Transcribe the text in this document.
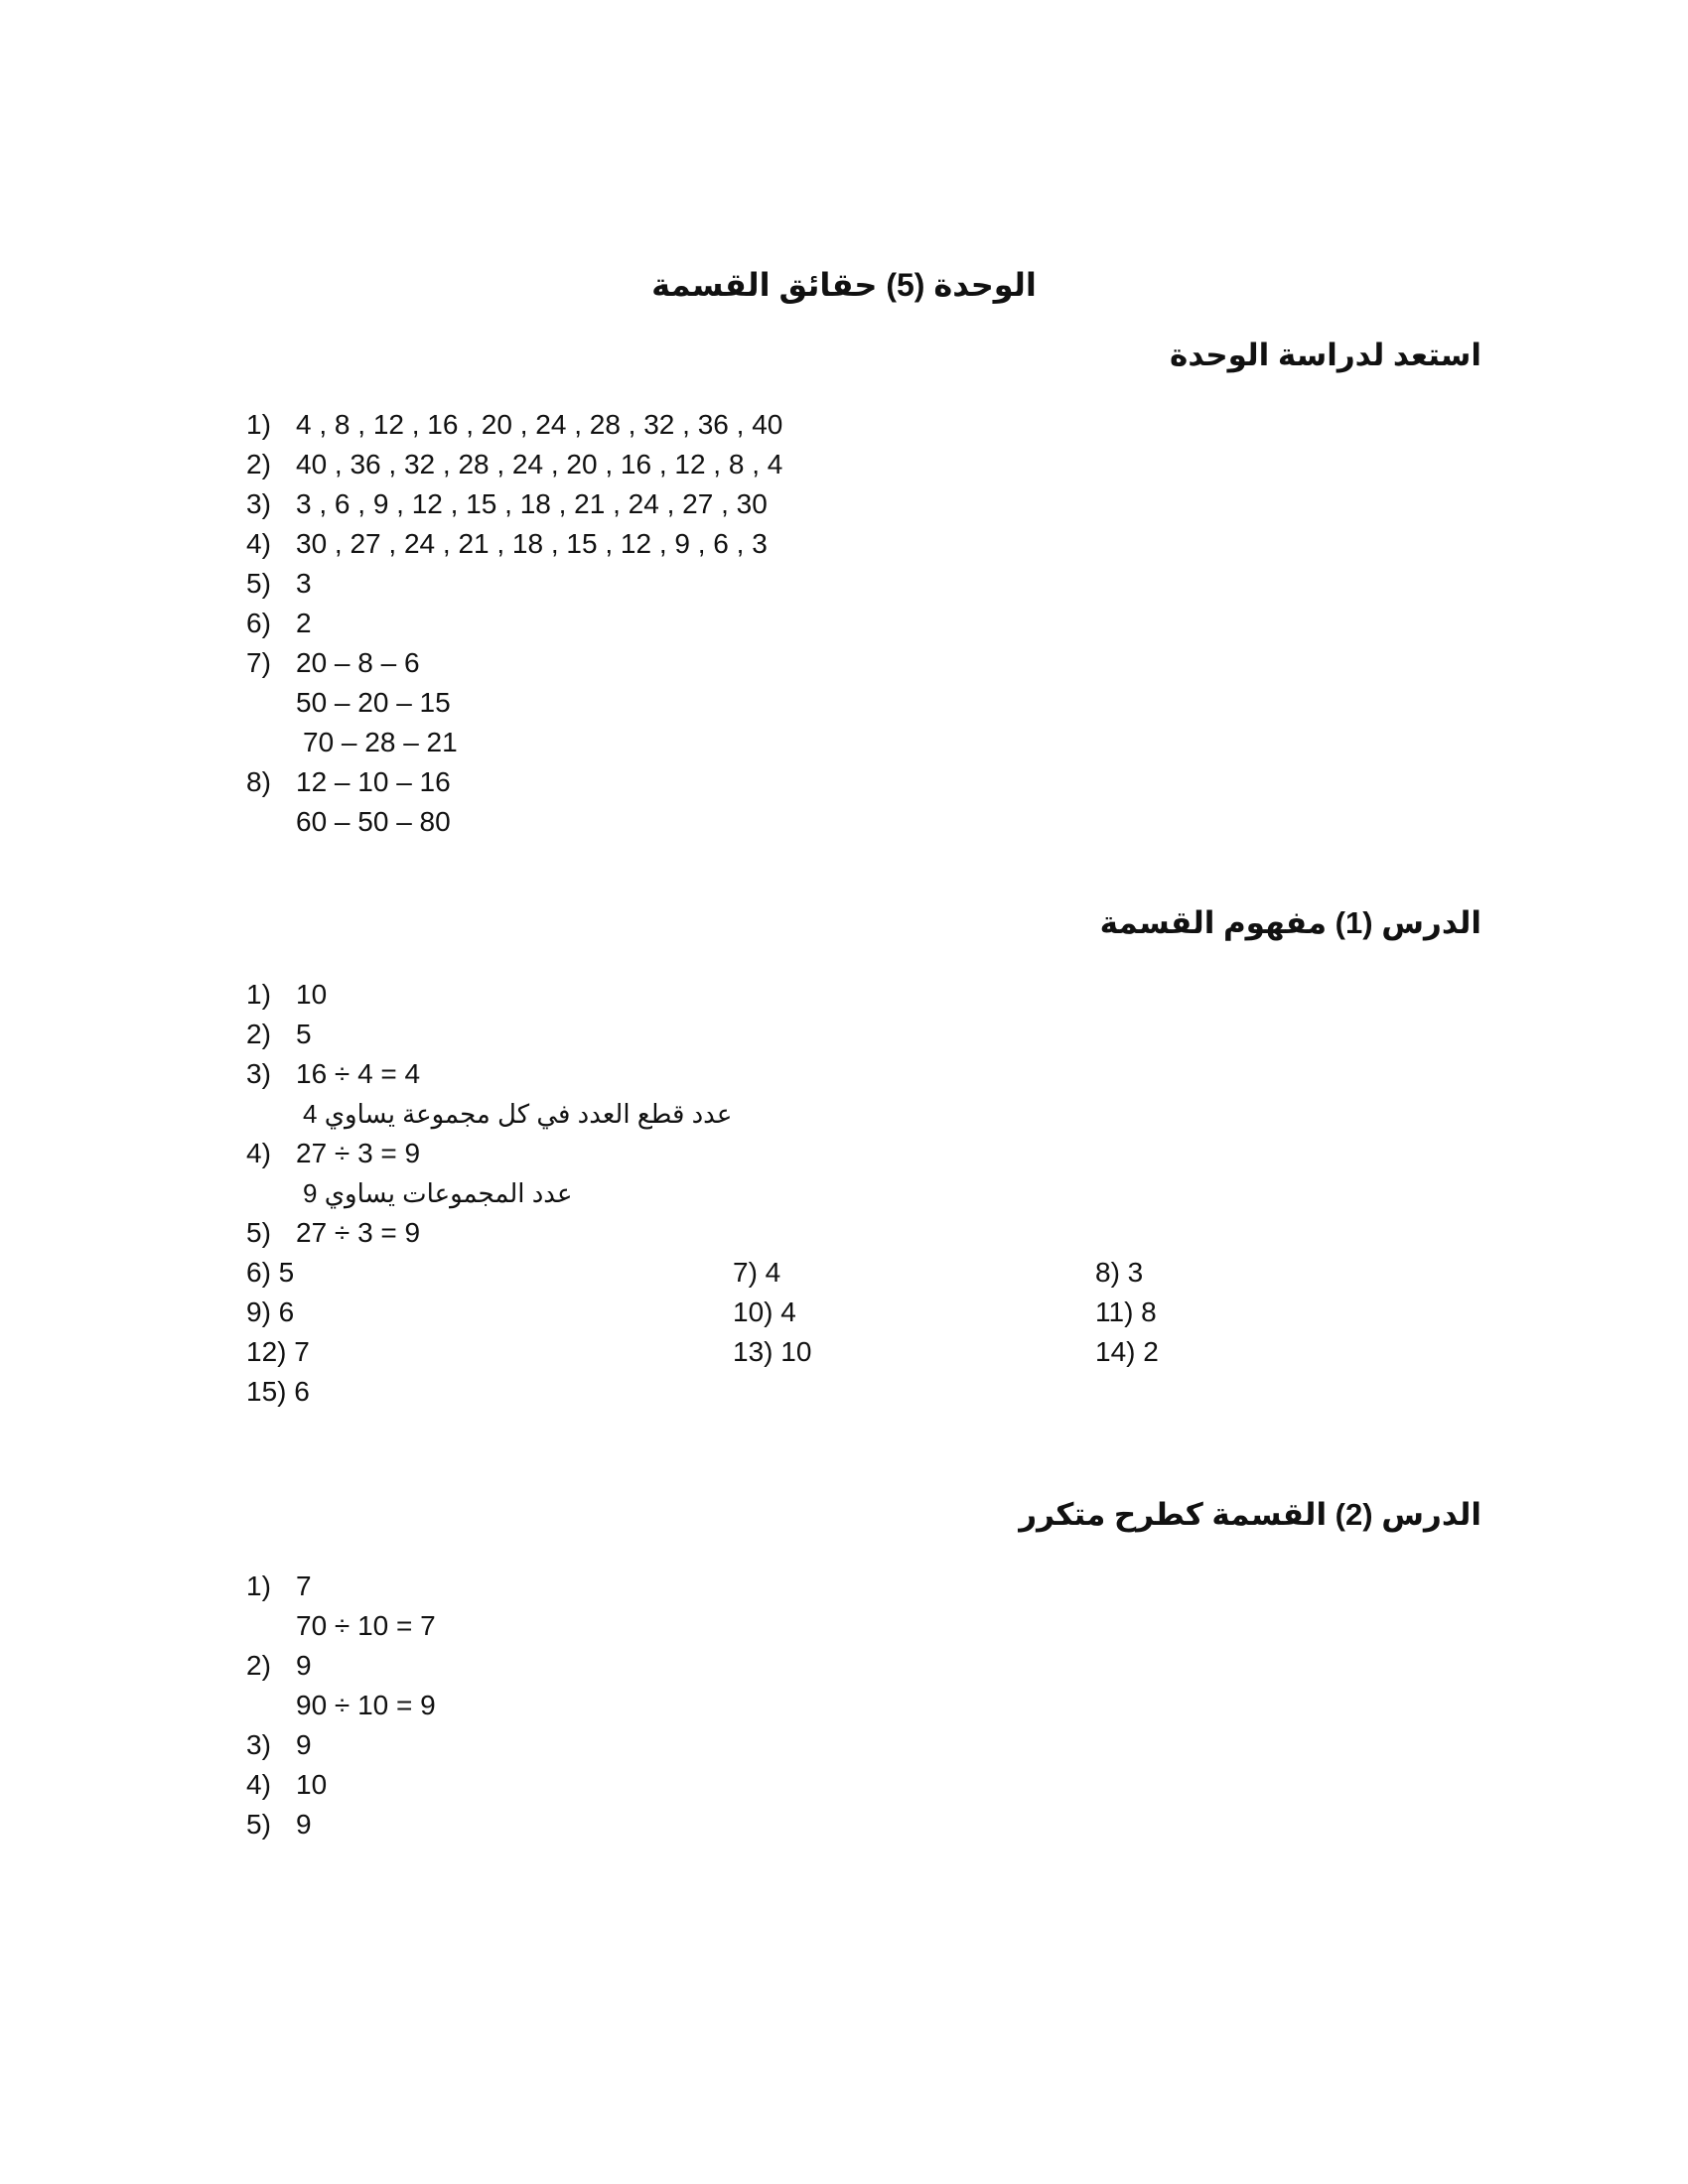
الوحدة (5) حقائق القسمة
استعد لدراسة الوحدة
1) 4 , 8 , 12 , 16 , 20 , 24 , 28 , 32 , 36 , 40
2) 40 , 36 , 32 , 28 , 24 , 20 , 16 , 12 , 8 , 4
3) 3 , 6 , 9 , 12 , 15 , 18 , 21 , 24 , 27 , 30
4) 30 , 27 , 24 , 21 , 18 , 15 , 12 , 9 , 6 , 3
5) 3
6) 2
7) 20 – 8 – 6
50 – 20 – 15
70 – 28 – 21
8) 12 – 10 – 16
60 – 50 – 80
الدرس (1) مفهوم القسمة
1) 10
2) 5
3) 16 ÷ 4 = 4
عدد قطع العدد في كل مجموعة يساوي 4
4) 27 ÷ 3 = 9
عدد المجموعات يساوي 9
5) 27 ÷ 3 = 9
6) 5	7) 4	8) 3
9) 6	10) 4	11) 8
12) 7	13) 10	14) 2
15) 6
الدرس (2) القسمة كطرح متكرر
1) 7
70 ÷ 10 = 7
2) 9
90 ÷ 10 = 9
3) 9
4) 10
5) 9
